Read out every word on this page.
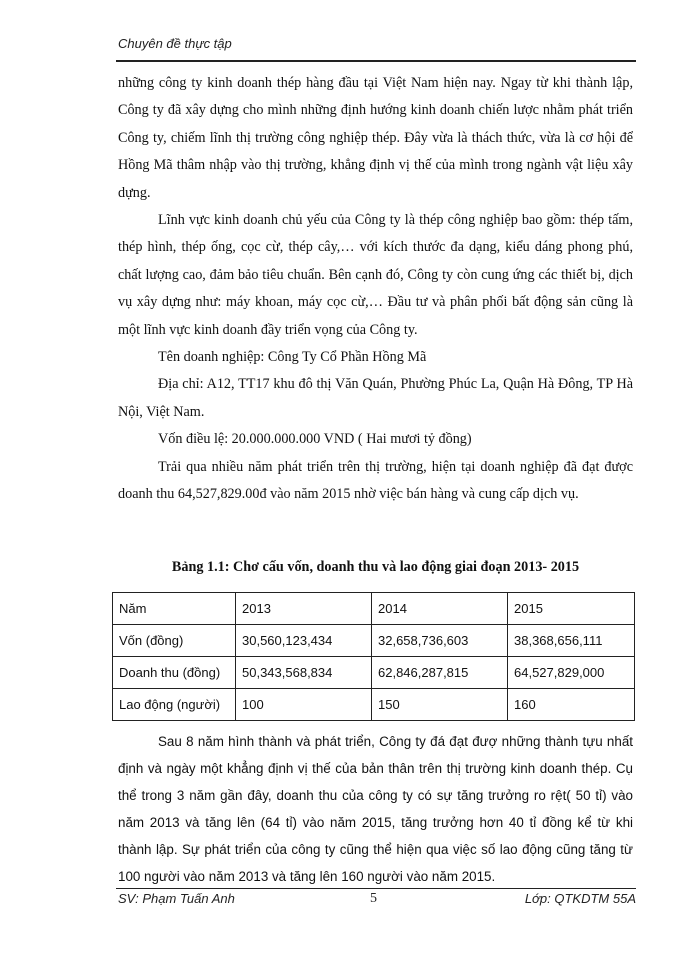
Chuyên đề thực tập

những công ty kinh doanh thép hàng đầu tại Việt Nam hiện nay. Ngay từ khi thành lập, Công ty đã xây dựng cho mình những định hướng kinh doanh chiến lược nhằm phát triển Công ty, chiếm lĩnh thị trường công nghiệp thép. Đây vừa là thách thức, vừa là cơ hội để Hồng Mã thâm nhập vào thị trường, khẳng định vị thế của mình trong ngành vật liệu xây dựng.

Lĩnh vực kinh doanh chủ yếu của Công ty là thép công nghiệp bao gồm: thép tấm, thép hình, thép ống, cọc cừ, thép cây,… với kích thước đa dạng, kiểu dáng phong phú, chất lượng cao, đảm bảo tiêu chuẩn. Bên cạnh đó, Công ty còn cung ứng các thiết bị, dịch vụ xây dựng như: máy khoan, máy cọc cừ,… Đầu tư và phân phối bất động sản cũng là một lĩnh vực kinh doanh đầy triển vọng của Công ty.

Tên doanh nghiệp: Công Ty Cổ Phần Hồng Mã

Địa chỉ: A12, TT17 khu đô thị Văn Quán, Phường Phúc La, Quận Hà Đông, TP Hà Nội, Việt Nam.

Vốn điều lệ: 20.000.000.000 VND ( Hai mươi tỷ đồng)

Trải qua nhiều năm phát triển trên thị trường, hiện tại doanh nghiệp đã đạt được doanh thu 64,527,829.00đ vào năm 2015 nhờ việc bán hàng và cung cấp dịch vụ.

Bảng 1.1: Chơ cấu vốn, doanh thu và lao động giai đoạn 2013- 2015
Năm	2013	2014	2015
Vốn (đồng)	30,560,123,434	32,658,736,603	38,368,656,111
Doanh thu (đồng)	50,343,568,834	62,846,287,815	64,527,829,000
Lao động (người)	100	150	160

Sau 8 năm hình thành và phát triển, Công ty đá đạt đượ những thành tựu nhất định và ngày một khẳng định vị thế của bản thân trên thị trường kinh doanh thép. Cụ thể trong 3 năm gần đây, doanh thu của công ty có sự tăng trưởng ro rệt( 50 tỉ) vào năm 2013 và tăng lên (64 tỉ) vào năm 2015, tăng trưởng hơn 40 tỉ đồng kể từ khi thành lập. Sự phát triển của công ty cũng thể hiện qua việc số lao động cũng tăng từ 100 người vào năm 2013 và tăng lên 160 người vào năm 2015.

SV: Phạm Tuấn Anh	5	Lớp: QTKDTM 55A
